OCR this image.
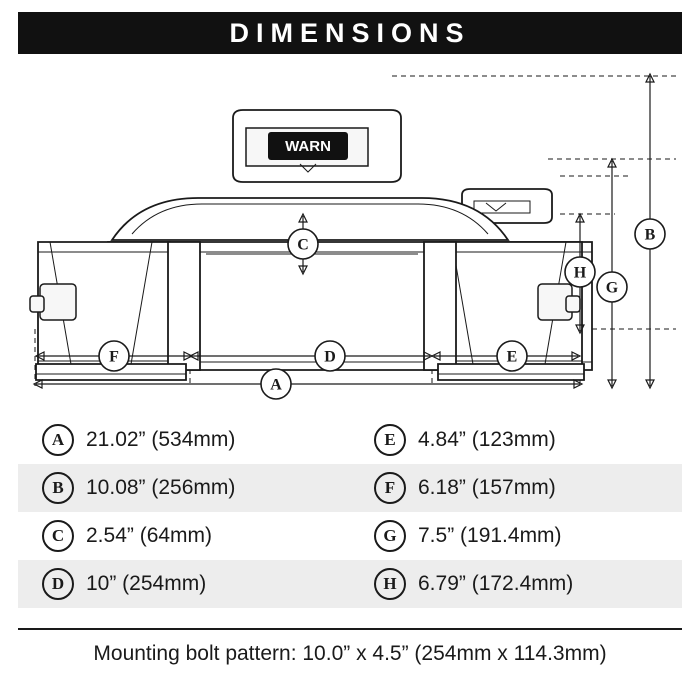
DIMENSIONS
WARN
B
G
H
C
F	D	E
A
A	21.02” (534mm)	E	4.84” (123mm)
B	10.08” (256mm)	F	6.18” (157mm)
C	2.54” (64mm)	G	7.5” (191.4mm)
D	10” (254mm)	H	6.79” (172.4mm)
Mounting bolt pattern: 10.0” x 4.5” (254mm x 114.3mm)
